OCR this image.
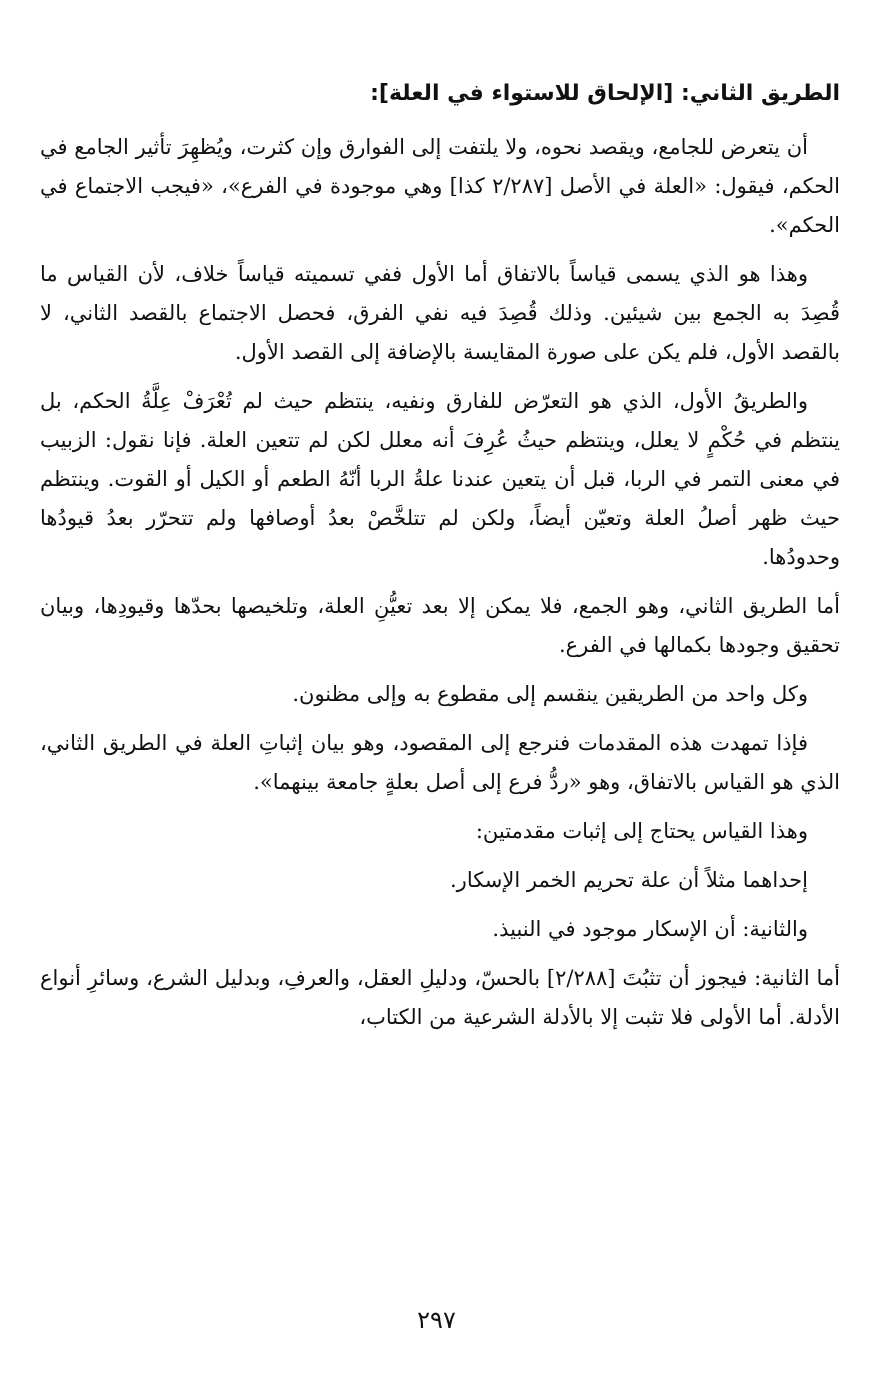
الطريق الثاني: [الإلحاق للاستواء في العلة]:

أن يتعرض للجامع، ويقصد نحوه، ولا يلتفت إلى الفوارق وإن كثرت، ويُظهِرَ تأثير الجامع في الحكم، فيقول: «العلة في الأصل [٢/٢٨٧ كذا] وهي موجودة في الفرع»، «فيجب الاجتماع في الحكم».

وهذا هو الذي يسمى قياساً بالاتفاق أما الأول ففي تسميته قياساً خلاف، لأن القياس ما قُصِدَ به الجمع بين شيئين. وذلك قُصِدَ فيه نفي الفرق، فحصل الاجتماع بالقصد الثاني، لا بالقصد الأول، فلم يكن على صورة المقايسة بالإضافة إلى القصد الأول.

والطريقُ الأول، الذي هو التعرّض للفارق ونفيه، ينتظم حيث لم تُعْرَفْ عِلَّةُ الحكم، بل ينتظم في حُكْمٍ لا يعلل، وينتظم حيثُ عُرِفَ أنه معلل لكن لم تتعين العلة. فإنا نقول: الزبيب في معنى التمر في الربا، قبل أن يتعين عندنا علةُ الربا أنّهُ الطعم أو الكيل أو القوت. وينتظم حيث ظهر أصلُ العلة وتعيّن أيضاً، ولكن لم تتلخَّصْ بعدُ أوصافها ولم تتحرّر بعدُ قيودُها وحدودُها.

أما الطريق الثاني، وهو الجمع، فلا يمكن إلا بعد تعيُّنِ العلة، وتلخيصها بحدّها وقيودِها، وبيان تحقيق وجودها بكمالها في الفرع.

وكل واحد من الطريقين ينقسم إلى مقطوع به وإلى مظنون.

فإذا تمهدت هذه المقدمات فنرجع إلى المقصود، وهو بيان إثباتِ العلة في الطريق الثاني، الذي هو القياس بالاتفاق، وهو «ردُّ فرع إلى أصل بعلةٍ جامعة بينهما».

وهذا القياس يحتاج إلى إثبات مقدمتين:

إحداهما مثلاً أن علة تحريم الخمر الإسكار.

والثانية: أن الإسكار موجود في النبيذ.

أما الثانية: فيجوز أن تثبُتَ [٢/٢٨٨] بالحسّ، ودليلِ العقل، والعرفِ، وبدليل الشرع، وسائرِ أنواع الأدلة. أما الأولى فلا تثبت إلا بالأدلة الشرعية من الكتاب،

٢٩٧
